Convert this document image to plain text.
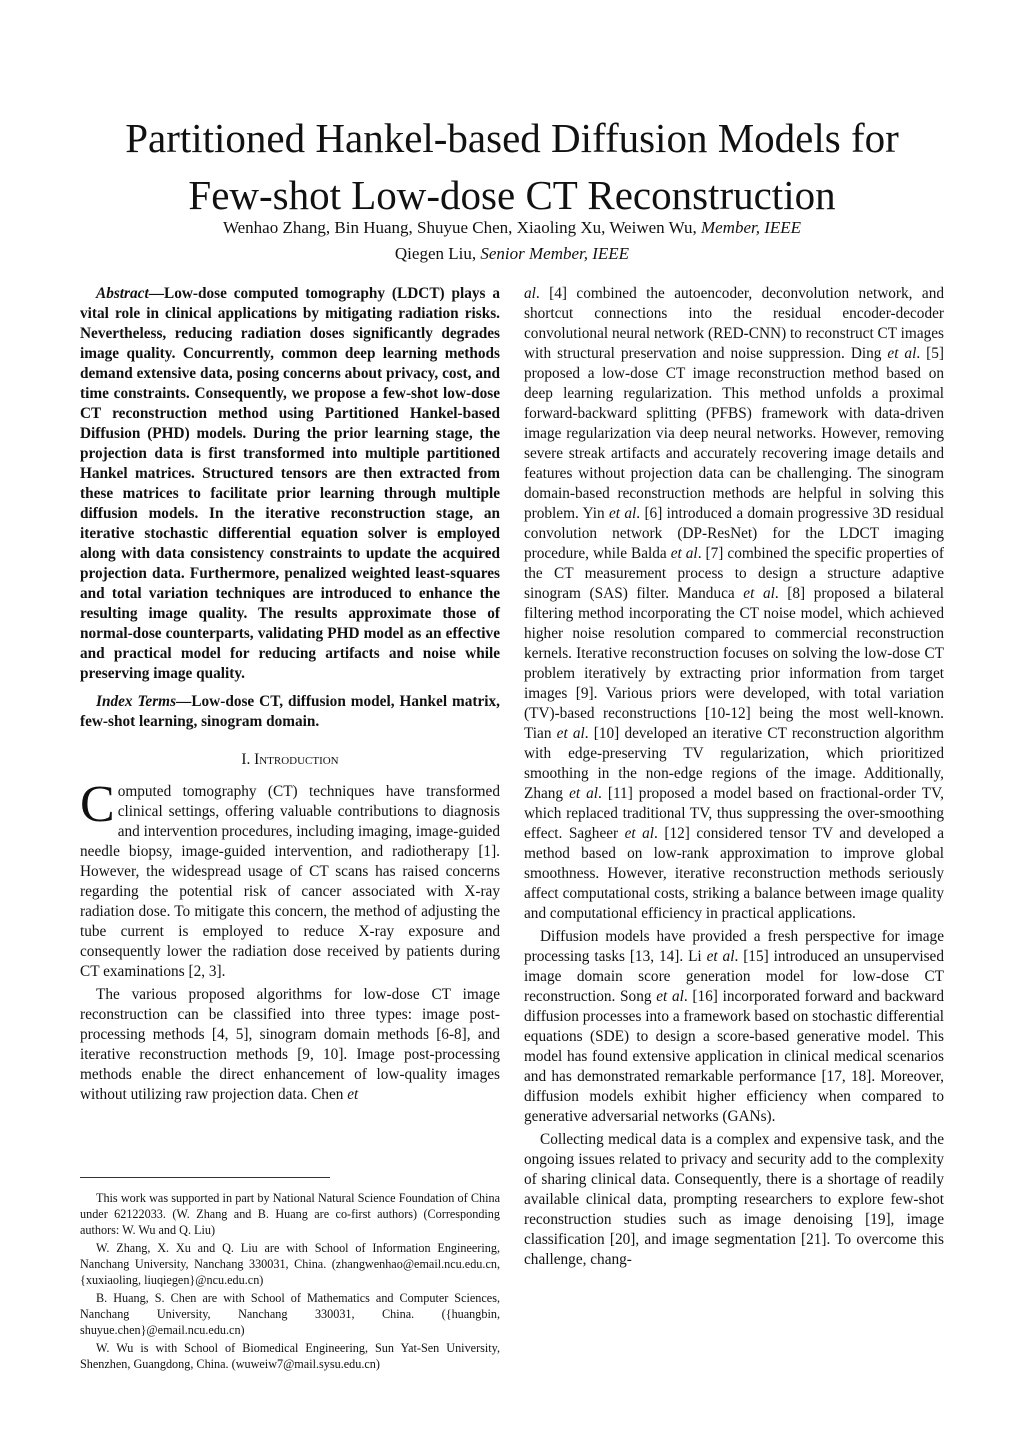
Partitioned Hankel-based Diffusion Models for
Few-shot Low-dose CT Reconstruction
Wenhao Zhang, Bin Huang, Shuyue Chen, Xiaoling Xu, Weiwen Wu, Member, IEEE
Qiegen Liu, Senior Member, IEEE

Abstract—Low-dose computed tomography (LDCT) plays a vital role in clinical applications by mitigating radiation risks. Nevertheless, reducing radiation doses significantly degrades image quality. Concurrently, common deep learning methods demand extensive data, posing concerns about privacy, cost, and time constraints. Consequently, we propose a few-shot low-dose CT reconstruction method using Partitioned Hankel-based Diffusion (PHD) models. During the prior learning stage, the projection data is first transformed into multiple partitioned Hankel matrices. Structured tensors are then extracted from these matrices to facilitate prior learning through multiple diffusion models. In the iterative reconstruction stage, an iterative stochastic differential equation solver is employed along with data consistency constraints to update the acquired projection data. Furthermore, penalized weighted least-squares and total variation techniques are introduced to enhance the resulting image quality. The results approximate those of normal-dose counterparts, validating PHD model as an effective and practical model for reducing artifacts and noise while preserving image quality.

Index Terms—Low-dose CT, diffusion model, Hankel matrix, few-shot learning, sinogram domain.

I. Introduction

Computed tomography (CT) techniques have transformed clinical settings, offering valuable contributions to diagnosis and intervention procedures, including imaging, image-guided needle biopsy, image-guided intervention, and radiotherapy [1]. However, the widespread usage of CT scans has raised concerns regarding the potential risk of cancer associated with X-ray radiation dose. To mitigate this concern, the method of adjusting the tube current is employed to reduce X-ray exposure and consequently lower the radiation dose received by patients during CT examinations [2, 3].

The various proposed algorithms for low-dose CT image reconstruction can be classified into three types: image post-processing methods [4, 5], sinogram domain methods [6-8], and iterative reconstruction methods [9, 10]. Image post-processing methods enable the direct enhancement of low-quality images without utilizing raw projection data. Chen et

This work was supported in part by National Natural Science Foundation of China under 62122033. (W. Zhang and B. Huang are co-first authors) (Corresponding authors: W. Wu and Q. Liu)

W. Zhang, X. Xu and Q. Liu are with School of Information Engineering, Nanchang University, Nanchang 330031, China. (zhangwenhao@email.ncu.edu.cn, {xuxiaoling, liuqiegen}@ncu.edu.cn)

B. Huang, S. Chen are with School of Mathematics and Computer Sciences, Nanchang University, Nanchang 330031, China. ({huangbin, shuyue.chen}@email.ncu.edu.cn)

W. Wu is with School of Biomedical Engineering, Sun Yat-Sen University, Shenzhen, Guangdong, China. (wuweiw7@mail.sysu.edu.cn)

al. [4] combined the autoencoder, deconvolution network, and shortcut connections into the residual encoder-decoder convolutional neural network (RED-CNN) to reconstruct CT images with structural preservation and noise suppression. Ding et al. [5] proposed a low-dose CT image reconstruction method based on deep learning regularization. This method unfolds a proximal forward-backward splitting (PFBS) framework with data-driven image regularization via deep neural networks. However, removing severe streak artifacts and accurately recovering image details and features without projection data can be challenging. The sinogram domain-based reconstruction methods are helpful in solving this problem. Yin et al. [6] introduced a domain progressive 3D residual convolution network (DP-ResNet) for the LDCT imaging procedure, while Balda et al. [7] combined the specific properties of the CT measurement process to design a structure adaptive sinogram (SAS) filter. Manduca et al. [8] proposed a bilateral filtering method incorporating the CT noise model, which achieved higher noise resolution compared to commercial reconstruction kernels. Iterative reconstruction focuses on solving the low-dose CT problem iteratively by extracting prior information from target images [9]. Various priors were developed, with total variation (TV)-based reconstructions [10-12] being the most well-known. Tian et al. [10] developed an iterative CT reconstruction algorithm with edge-preserving TV regularization, which prioritized smoothing in the non-edge regions of the image. Additionally, Zhang et al. [11] proposed a model based on fractional-order TV, which replaced traditional TV, thus suppressing the over-smoothing effect. Sagheer et al. [12] considered tensor TV and developed a method based on low-rank approximation to improve global smoothness. However, iterative reconstruction methods seriously affect computational costs, striking a balance between image quality and computational efficiency in practical applications.

Diffusion models have provided a fresh perspective for image processing tasks [13, 14]. Li et al. [15] introduced an unsupervised image domain score generation model for low-dose CT reconstruction. Song et al. [16] incorporated forward and backward diffusion processes into a framework based on stochastic differential equations (SDE) to design a score-based generative model. This model has found extensive application in clinical medical scenarios and has demonstrated remarkable performance [17, 18]. Moreover, diffusion models exhibit higher efficiency when compared to generative adversarial networks (GANs).

Collecting medical data is a complex and expensive task, and the ongoing issues related to privacy and security add to the complexity of sharing clinical data. Consequently, there is a shortage of readily available clinical data, prompting researchers to explore few-shot reconstruction studies such as image denoising [19], image classification [20], and image segmentation [21]. To overcome this challenge, chang-
